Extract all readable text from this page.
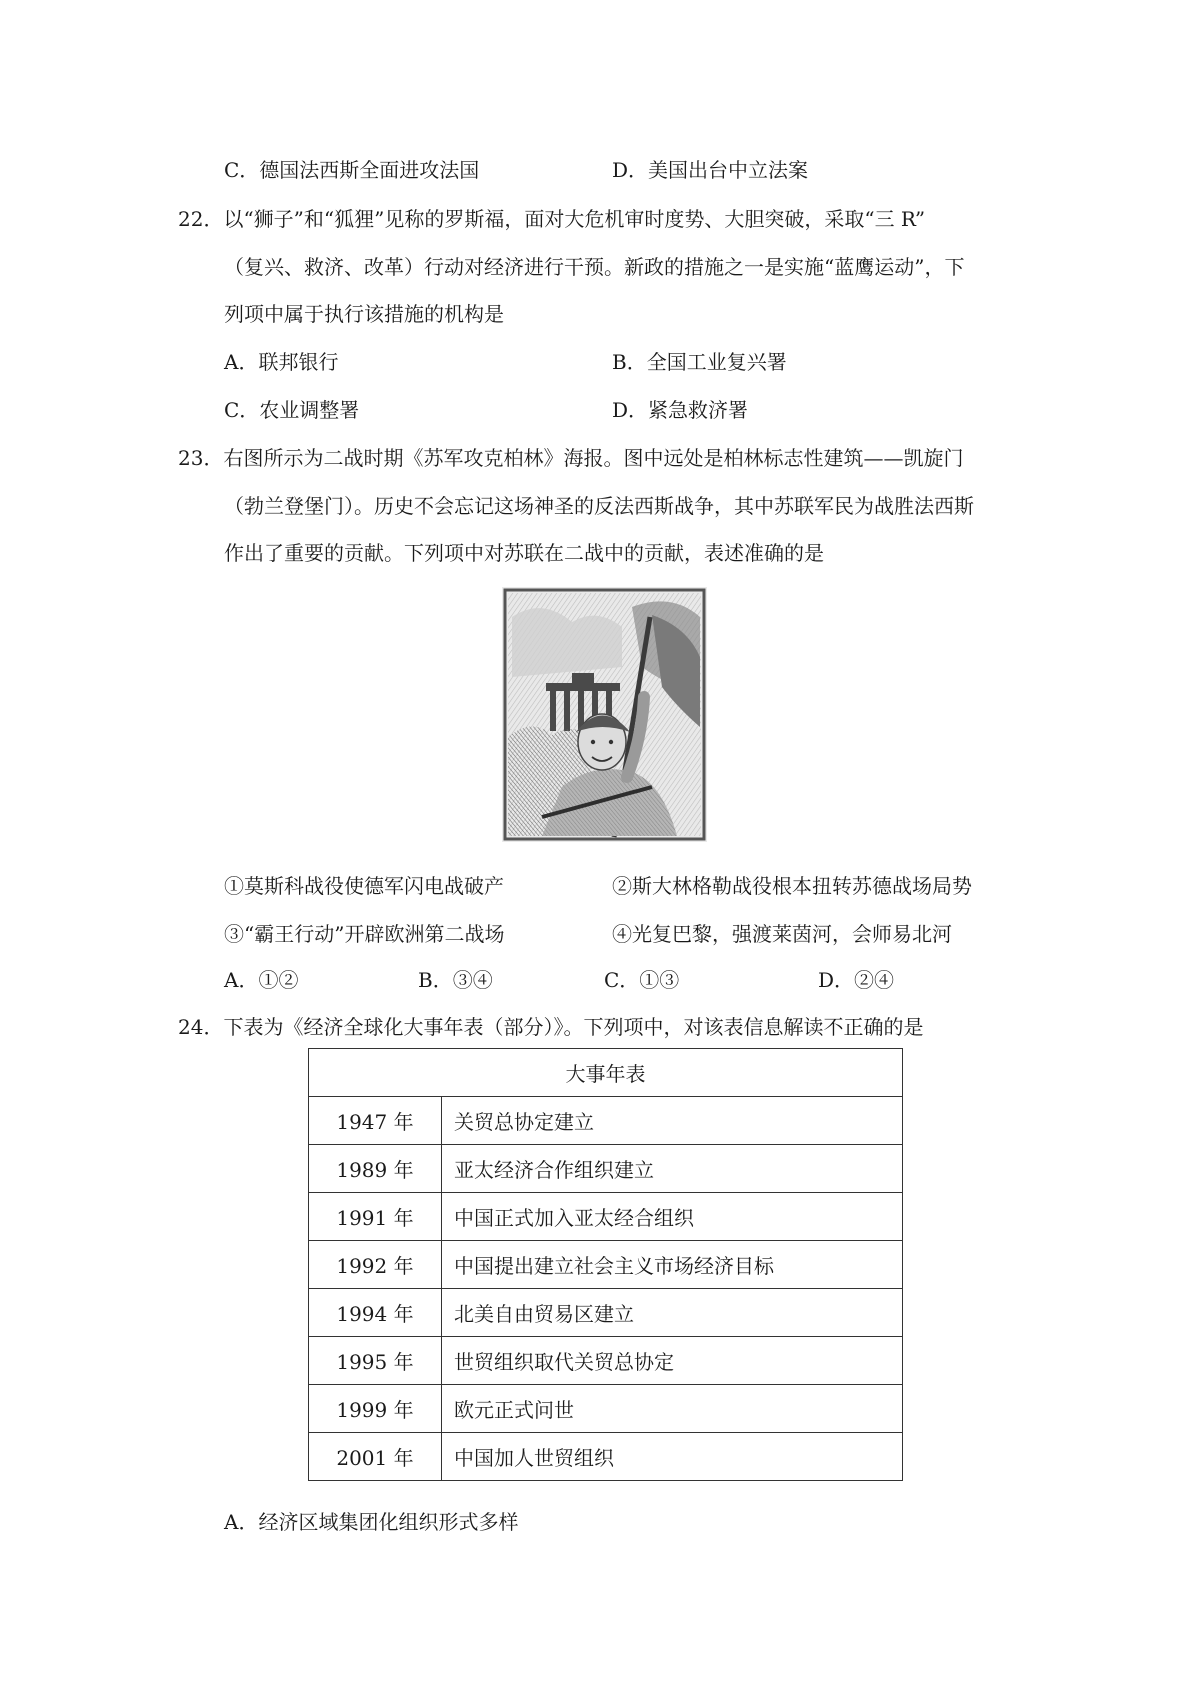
C．德国法西斯全面进攻法国	D．美国出台中立法案
22．以“狮子”和“狐狸”见称的罗斯福，面对大危机审时度势、大胆突破，采取“三 R”
（复兴、救济、改革）行动对经济进行干预。新政的措施之一是实施“蓝鹰运动”，下
列项中属于执行该措施的机构是
A．联邦银行	B．全国工业复兴署
C．农业调整署	D．紧急救济署
23．右图所示为二战时期《苏军攻克柏林》海报。图中远处是柏林标志性建筑——凯旋门
（勃兰登堡门）。历史不会忘记这场神圣的反法西斯战争，其中苏联军民为战胜法西斯
作出了重要的贡献。下列项中对苏联在二战中的贡献，表述准确的是
①莫斯科战役使德军闪电战破产	②斯大林格勒战役根本扭转苏德战场局势
③“霸王行动”开辟欧洲第二战场	④光复巴黎，强渡莱茵河，会师易北河
A．①②	B．③④	C．①③	D．②④
24．下表为《经济全球化大事年表（部分）》。下列项中，对该表信息解读不正确的是
大事年表	
1947 年	关贸总协定建立
1989 年	亚太经济合作组织建立
1991 年	中国正式加入亚太经合组织
1992 年	中国提出建立社会主义市场经济目标
1994 年	北美自由贸易区建立
1995 年	世贸组织取代关贸总协定
1999 年	欧元正式问世
2001 年	中国加人世贸组织
A．经济区域集团化组织形式多样
